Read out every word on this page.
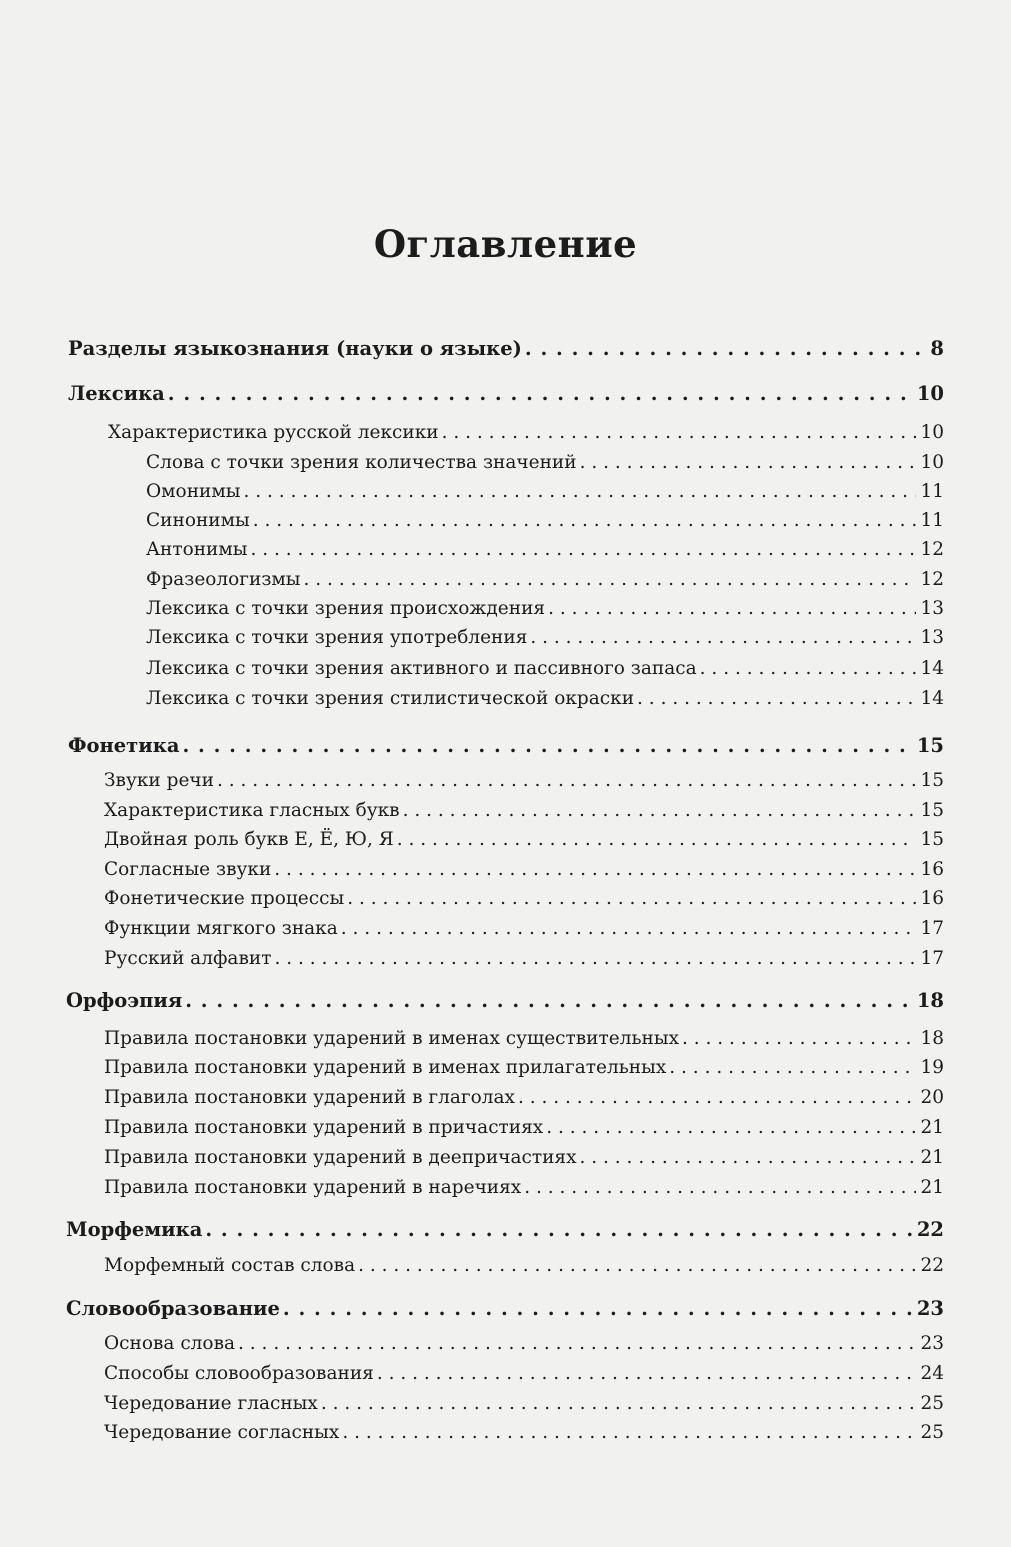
Оглавление
Разделы языкознания (науки о языке) . . .	8
Лексика . . .	10
Характеристика русской лексики . . .	10
Слова с точки зрения количества значений . . .	10
Омонимы . . .	11
Синонимы . . .	11
Антонимы . . .	12
Фразеологизмы . . .	12
Лексика с точки зрения происхождения . . .	13
Лексика с точки зрения употребления . . .	13
Лексика с точки зрения активного и пассивного запаса . . .	14
Лексика с точки зрения стилистической окраски . . .	14
Фонетика . . .	15
Звуки речи . . .	15
Характеристика гласных букв . . .	15
Двойная роль букв Е, Ё, Ю, Я . . .	15
Согласные звуки . . .	16
Фонетические процессы . . .	16
Функции мягкого знака . . .	17
Русский алфавит . . .	17
Орфоэпия . . .	18
Правила постановки ударений в именах существительных . . .	18
Правила постановки ударений в именах прилагательных . . .	19
Правила постановки ударений в глаголах . . .	20
Правила постановки ударений в причастиях . . .	21
Правила постановки ударений в деепричастиях . . .	21
Правила постановки ударений в наречиях . . .	21
Морфемика . . .	22
Морфемный состав слова . . .	22
Словообразование . . .	23
Основа слова . . .	23
Способы словообразования . . .	24
Чередование гласных . . .	25
Чередование согласных . . .	25
